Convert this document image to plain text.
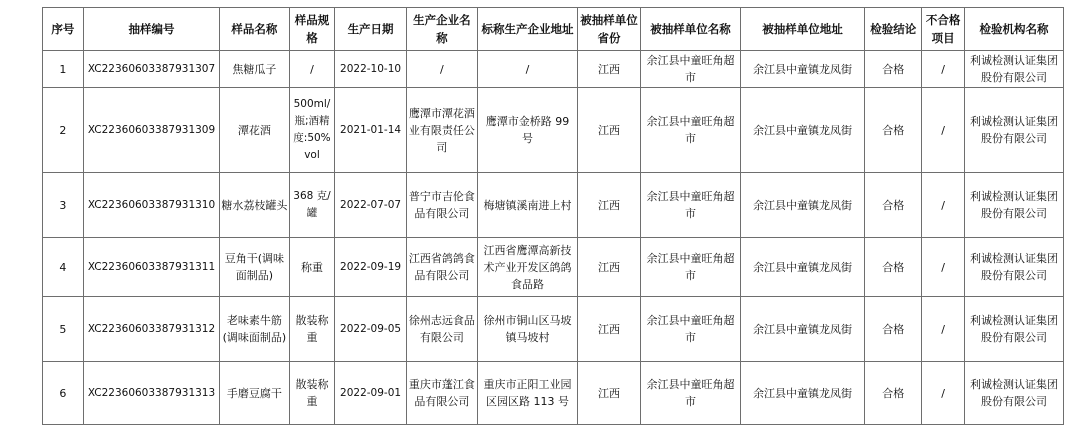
序号	抽样编号	样品名称	样品规格	生产日期	生产企业名称	标称生产企业地址	被抽样单位省份	被抽样单位名称	被抽样单位地址	检验结论	不合格项目	检验机构名称
1	XC22360603387931307	焦糖瓜子	/	2022-10-10	/	/	江西	余江县中童旺角超市	余江县中童镇龙凤街	合格	/	利诚检测认证集团股份有限公司
2	XC22360603387931309	潭花酒	500ml/瓶;酒精度:50%vol	2021-01-14	鹰潭市潭花酒业有限责任公司	鹰潭市金桥路 99 号	江西	余江县中童旺角超市	余江县中童镇龙凤街	合格	/	利诚检测认证集团股份有限公司
3	XC22360603387931310	糖水荔枝罐头	368 克/罐	2022-07-07	普宁市吉伦食品有限公司	梅塘镇溪南进上村	江西	余江县中童旺角超市	余江县中童镇龙凤街	合格	/	利诚检测认证集团股份有限公司
4	XC22360603387931311	豆角干(调味面制品)	称重	2022-09-19	江西省鸽鸽食品有限公司	江西省鹰潭高新技术产业开发区鸽鸽食品路	江西	余江县中童旺角超市	余江县中童镇龙凤街	合格	/	利诚检测认证集团股份有限公司
5	XC22360603387931312	老味素牛筋(调味面制品)	散装称重	2022-09-05	徐州志远食品有限公司	徐州市铜山区马坡镇马坡村	江西	余江县中童旺角超市	余江县中童镇龙凤街	合格	/	利诚检测认证集团股份有限公司
6	XC22360603387931313	手磨豆腐干	散装称重	2022-09-01	重庆市蓬江食品有限公司	重庆市正阳工业园区园区路 113 号	江西	余江县中童旺角超市	余江县中童镇龙凤街	合格	/	利诚检测认证集团股份有限公司
